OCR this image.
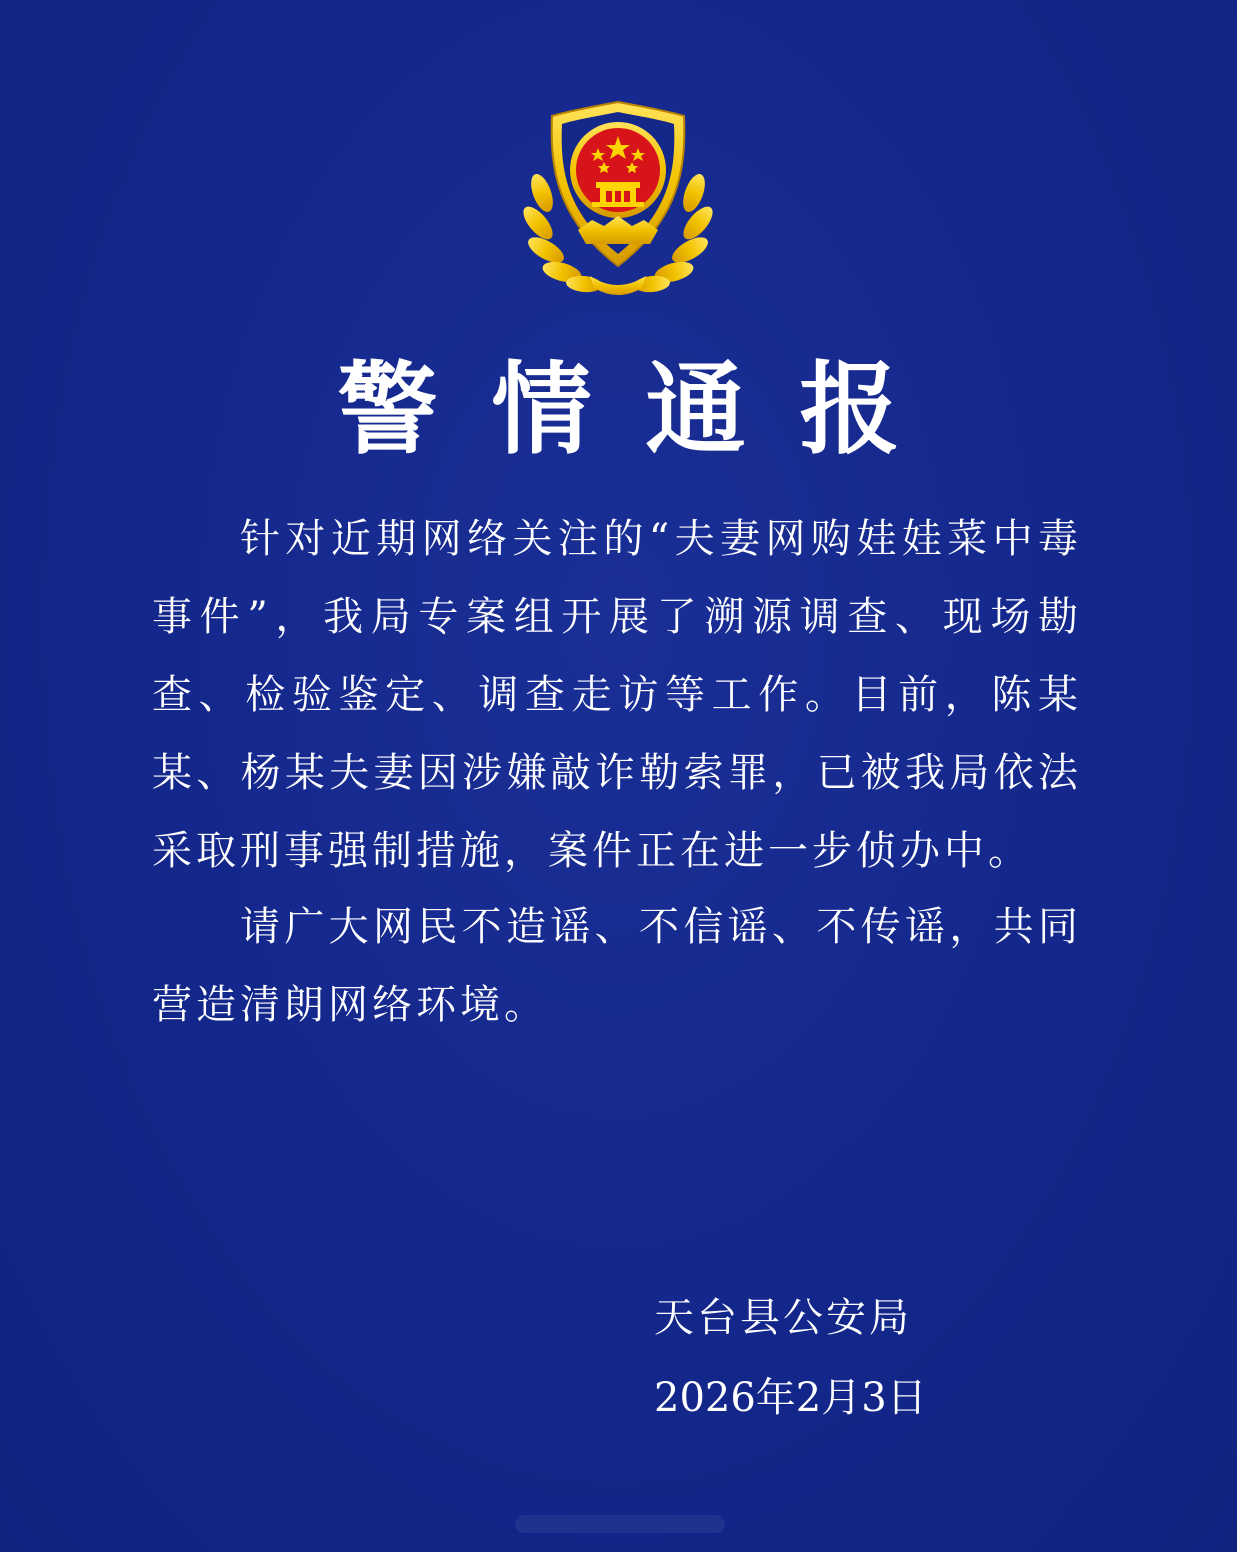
警情通报
针对近期网络关注的“夫妻网购娃娃菜中毒事件”，我局专案组开展了溯源调查、现场勘查、检验鉴定、调查走访等工作。目前，陈某某、杨某夫妻因涉嫌敲诈勒索罪，已被我局依法采取刑事强制措施，案件正在进一步侦办中。
请广大网民不造谣、不信谣、不传谣，共同营造清朗网络环境。
天台县公安局
2026年2月3日
